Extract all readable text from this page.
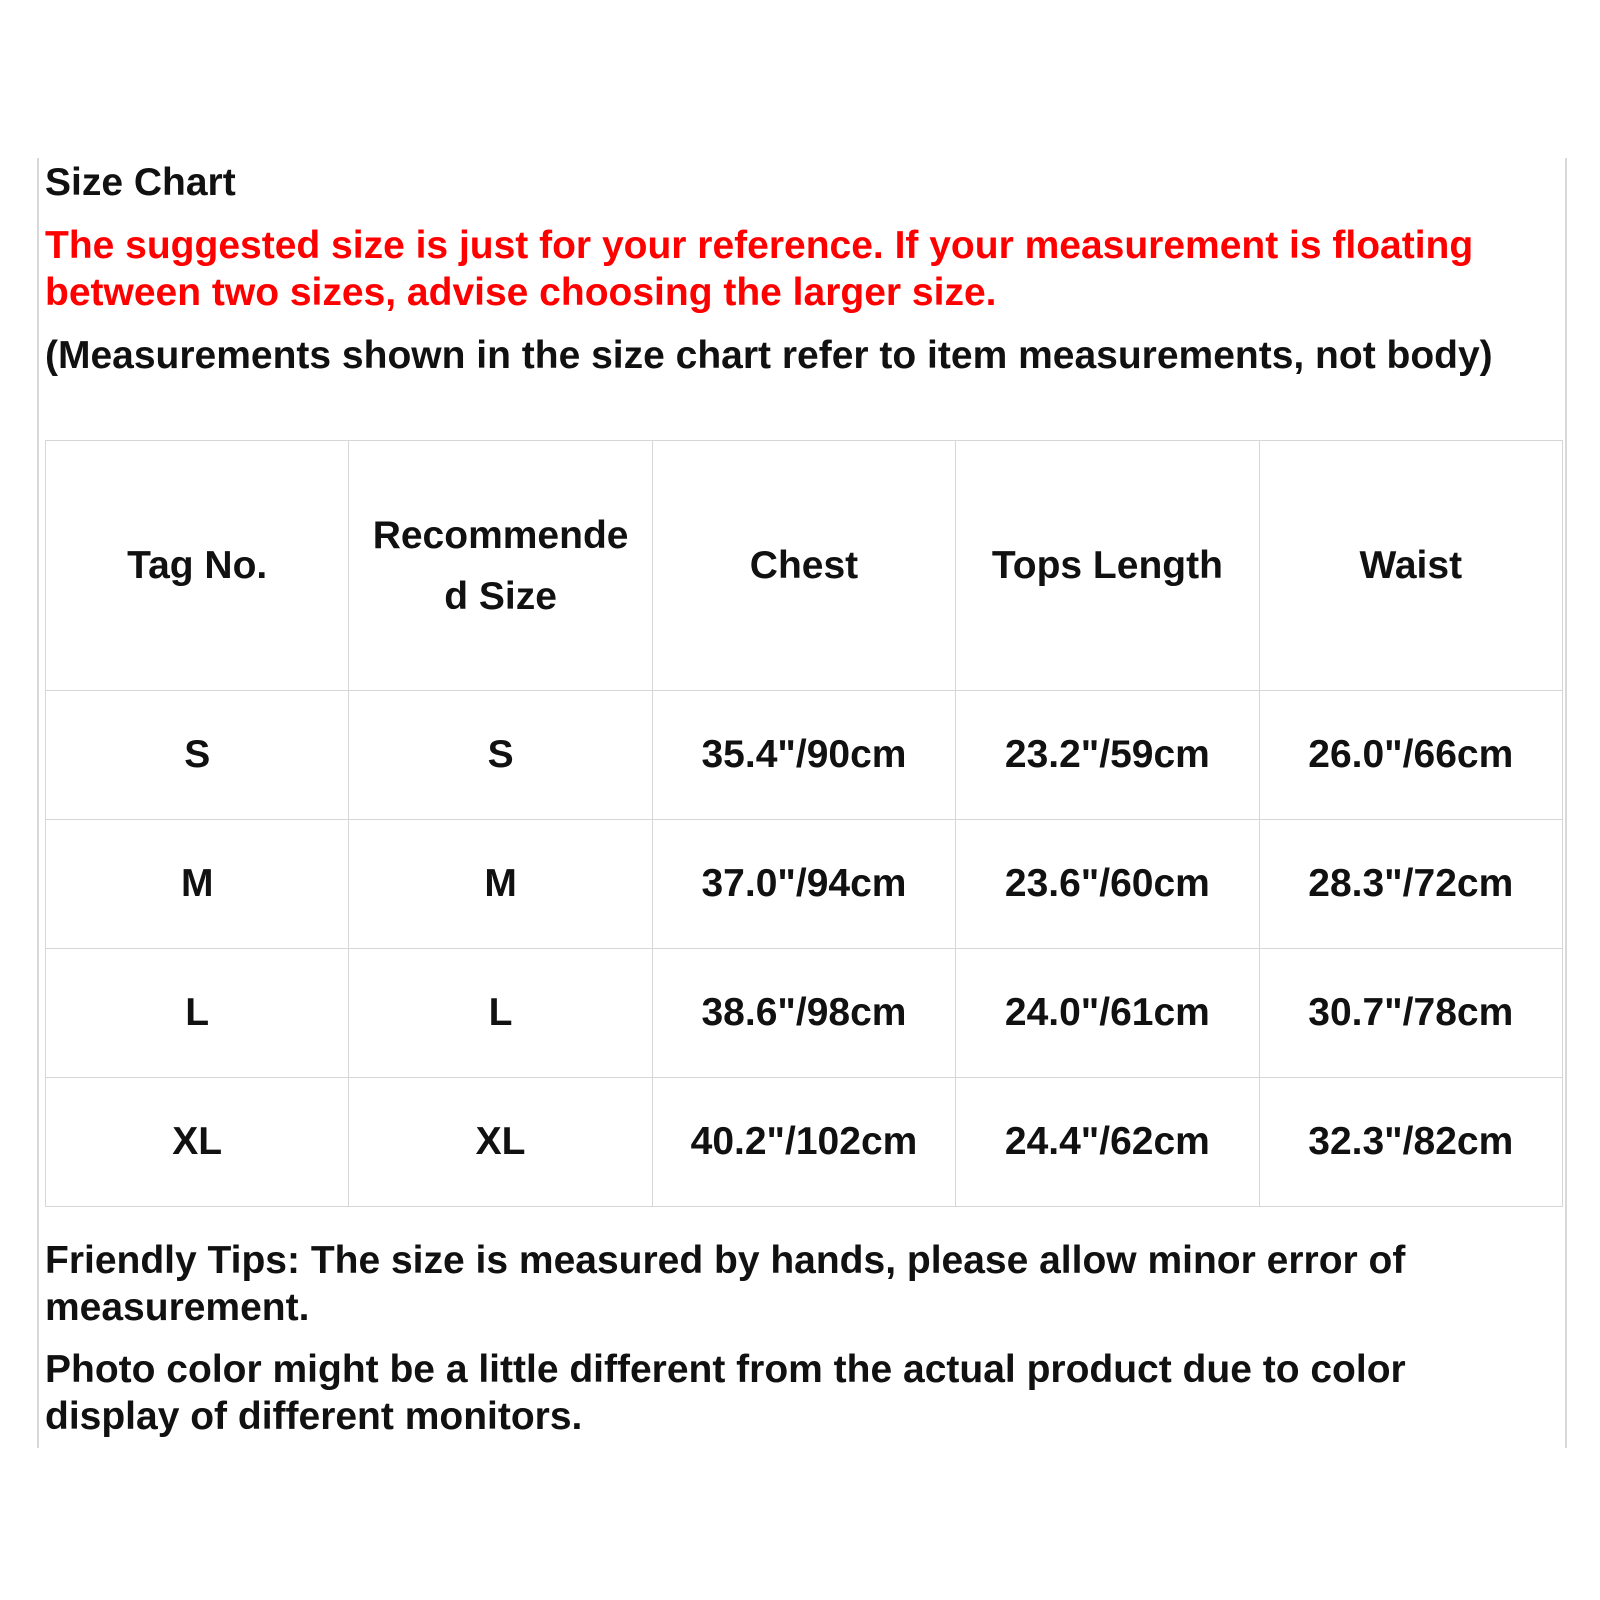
Size Chart

The suggested size is just for your reference. If your measurement is floating between two sizes, advise choosing the larger size.

(Measurements shown in the size chart refer to item measurements, not body)

Tag No.	Recommended Size	Chest	Tops Length	Waist
S	S	35.4"/90cm	23.2"/59cm	26.0"/66cm
M	M	37.0"/94cm	23.6"/60cm	28.3"/72cm
L	L	38.6"/98cm	24.0"/61cm	30.7"/78cm
XL	XL	40.2"/102cm	24.4"/62cm	32.3"/82cm

Friendly Tips: The size is measured by hands, please allow minor error of measurement.

Photo color might be a little different from the actual product due to color display of different monitors.
